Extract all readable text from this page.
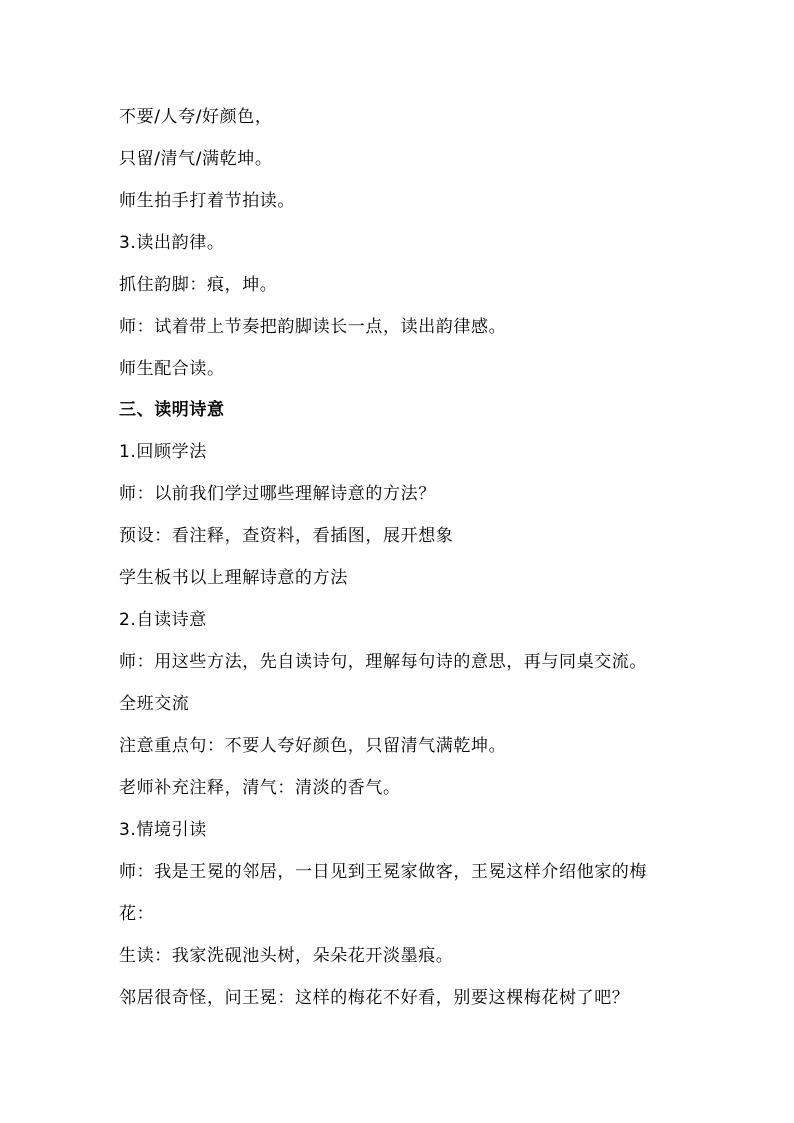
不要/人夸/好颜色，
只留/清气/满乾坤。
师生拍手打着节拍读。
3.读出韵律。
抓住韵脚：痕，坤。
师：试着带上节奏把韵脚读长一点，读出韵律感。
师生配合读。
三、读明诗意
1.回顾学法
师：以前我们学过哪些理解诗意的方法？
预设：看注释，查资料，看插图，展开想象
学生板书以上理解诗意的方法
2.自读诗意
师：用这些方法，先自读诗句，理解每句诗的意思，再与同桌交流。
全班交流
注意重点句：不要人夸好颜色，只留清气满乾坤。
老师补充注释，清气：清淡的香气。
3.情境引读
师：我是王冕的邻居，一日见到王冕家做客，王冕这样介绍他家的梅
花：
生读：我家洗砚池头树，朵朵花开淡墨痕。
邻居很奇怪，问王冕：这样的梅花不好看，别要这棵梅花树了吧？
